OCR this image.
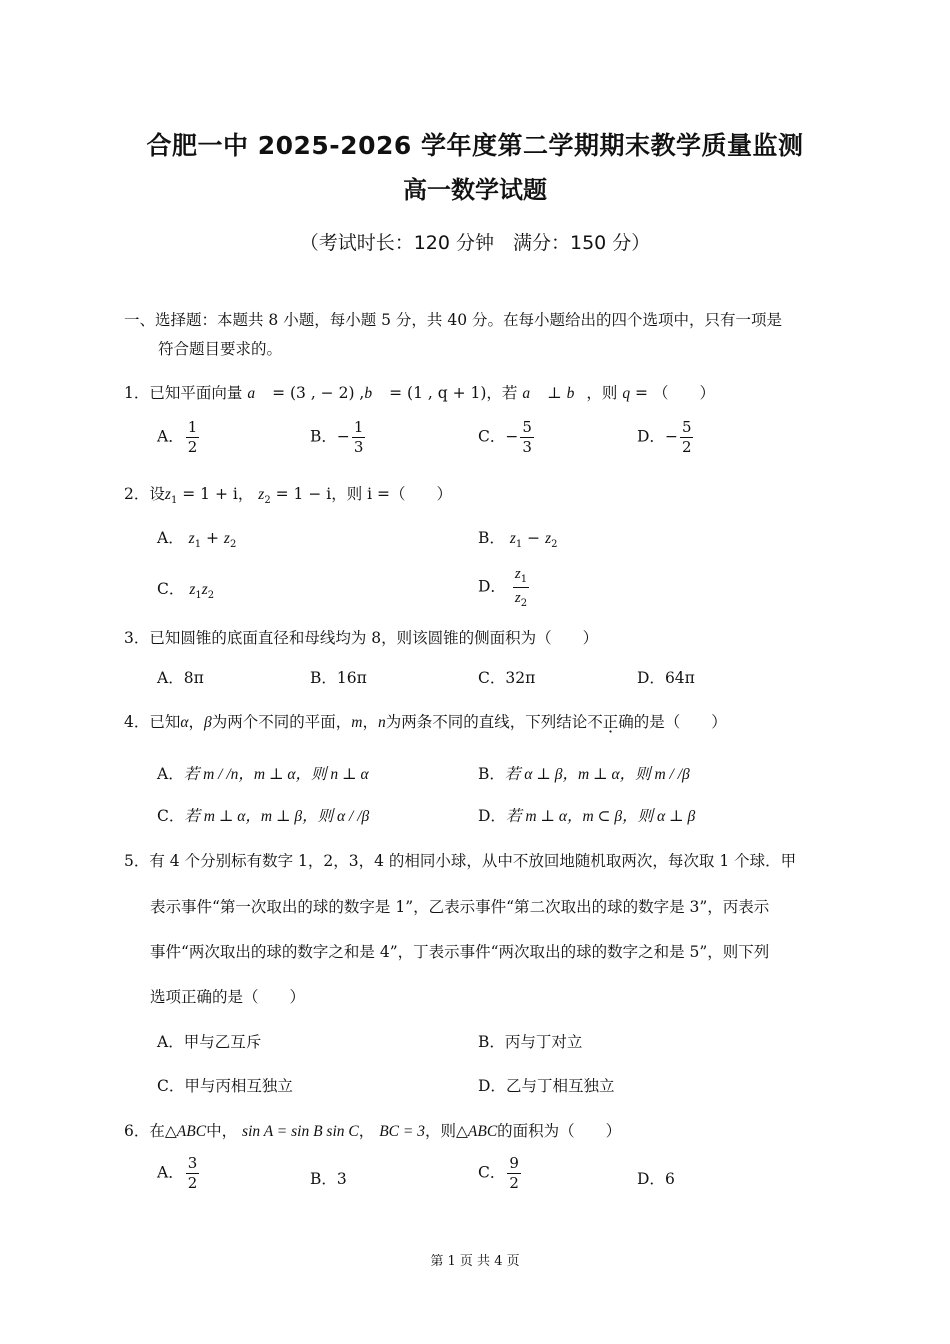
合肥一中 2025-2026 学年度第二学期期末教学质量监测
高一数学试题
（考试时长：120 分钟　满分：150 分）
一、选择题：本题共 8 小题，每小题 5 分，共 40 分。在每小题给出的四个选项中，只有一项是
符合题目要求的。
1．已知平面向量 a⃗ = (3 , − 2) ,b⃗ = (1 , q + 1)，若 a⃗ ⊥ b⃗，则 q = （　　）
A． $\frac{1}{2}$	B．− $\frac{1}{3}$	C．− $\frac{5}{3}$	D．− $\frac{5}{2}$
2．设$z_1 = 1 + i$， $z_2 = 1 - i$，则 i =（　　）
A． $z_1 + z_2$	B． $z_1 - z_2$
C． $z_1z_2$
D． $\frac{z_1}{z_2}$
3．已知圆锥的底面直径和母线均为 8，则该圆锥的侧面积为（　　）
A．8π	B．16π	C．32π	D．64π
4．已知α，β为两个不同的平面，m，n为两条不同的直线，下列结论不正确的是（　　）
A．若 m / /n，m ⊥ α，则 n ⊥ α	B．若 α ⊥ β，m ⊥ α，则 m / /β
C．若 m ⊥ α，m ⊥ β，则 α / /β	D．若 m ⊥ α，m ⊂ β，则 α ⊥ β
5．有 4 个分别标有数字 1，2，3，4 的相同小球，从中不放回地随机取两次，每次取 1 个球．甲
表示事件“第一次取出的球的数字是 1”，乙表示事件“第二次取出的球的数字是 3”，丙表示
事件“两次取出的球的数字之和是 4”，丁表示事件“两次取出的球的数字之和是 5”，则下列
选项正确的是（　　）
A．甲与乙互斥	B．丙与丁对立
C．甲与丙相互独立	D．乙与丁相互独立
6．在△ABC中， sin A = sin B sin C， BC = 3，则△ABC的面积为（　　）
A． $\frac{3}{2}$	B．3	C． $\frac{9}{2}$	D．6
第 1 页 共 4 页
